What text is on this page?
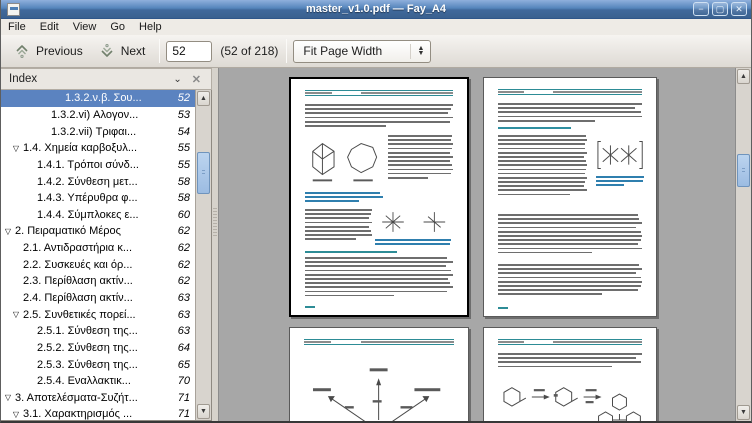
master_v1.0.pdf — Fay_A4	−	▢	✕
File	Edit	View	Go	Help
Previous	Next
52	(52 of 218) Fit Page Width	▲
▼
Index	⌄ ✕
1.3.2.ν.β. Σου...	52
1.3.2.vi) Αλογον...	53
1.3.2.vii) Τριφαι...	54
▽ 1.4. Χημεία καρβοξυλ...	55
1.4.1. Τρόποι σύνδ...	55
1.4.2. Σύνθεση μετ...	58
1.4.3. Υπέρυθρα φ...	58
1.4.4. Σύμπλοκες ε...	60
▽ 2. Πειραματικό Μέρος	62
2.1. Αντιδραστήρια κ...	62
2.2. Συσκευές και όρ...	62
2.3. Περίθλαση ακτίν...	62
2.4. Περίθλαση ακτίν...	63
▽ 2.5. Συνθετικές πορεί...	63
2.5.1. Σύνθεση της...	63
2.5.2. Σύνθεση της...	64
2.5.3. Σύνθεση της...	65
2.5.4. Εναλλακτικ...	70
▽ 3. Αποτελέσματα-Συζήτ...	71
▽ 3.1. Χαρακτηρισμός ...	71
▲
▼
▲
▼
